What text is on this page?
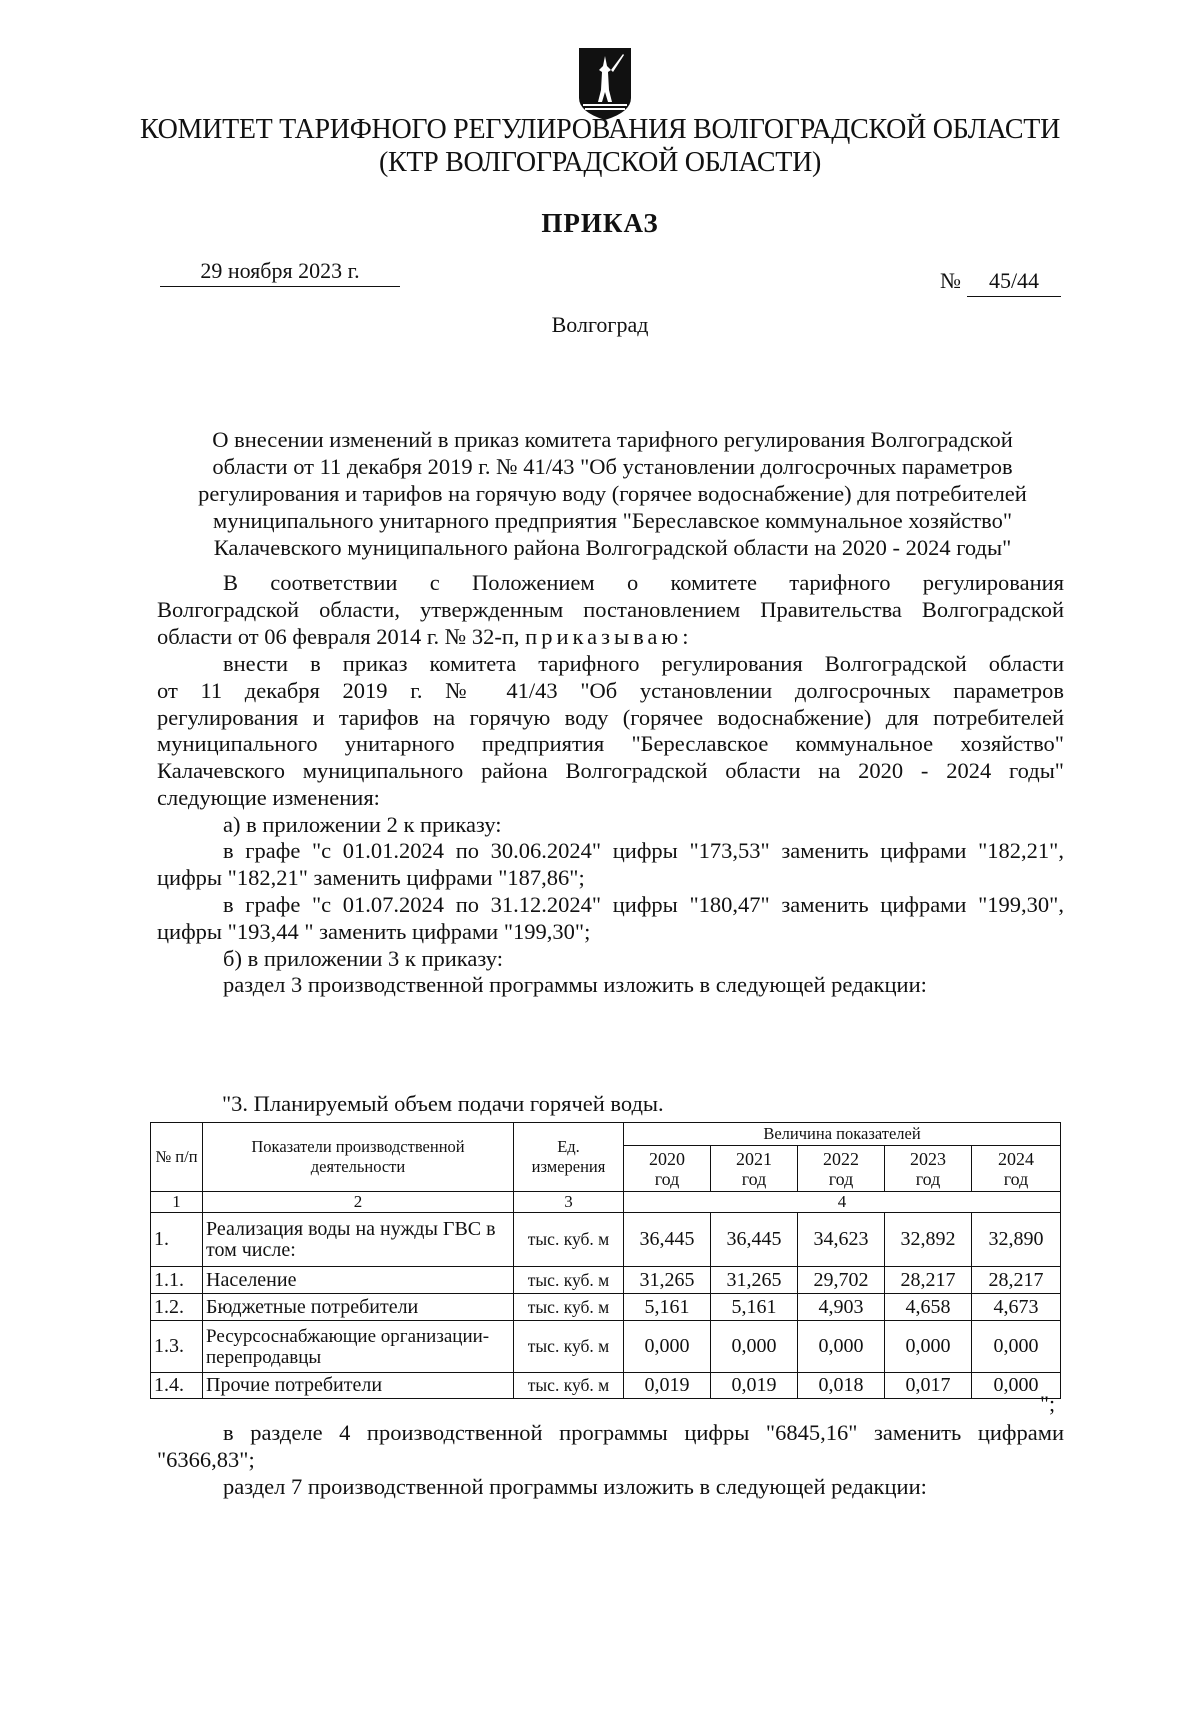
КОМИТЕТ ТАРИФНОГО РЕГУЛИРОВАНИЯ ВОЛГОГРАДСКОЙ ОБЛАСТИ
(КТР ВОЛГОГРАДСКОЙ ОБЛАСТИ)
ПРИКАЗ
29 ноября 2023 г.	№ 45/44
Волгоград
О внесении изменений в приказ комитета тарифного регулирования Волгоградской
области от 11 декабря 2019 г. № 41/43 "Об установлении долгосрочных параметров
регулирования и тарифов на горячую воду (горячее водоснабжение) для потребителей
муниципального унитарного предприятия "Береславское коммунальное хозяйство"
Калачевского муниципального района Волгоградской области на 2020 - 2024 годы"
В соответствии с Положением о комитете тарифного регулирования
Волгоградской области, утвержденным постановлением Правительства Волгоградской
области от 06 февраля 2014 г. № 32-п, приказываю:
внести в приказ комитета тарифного регулирования Волгоградской области
от 11 декабря 2019 г. № 41/43 "Об установлении долгосрочных параметров
регулирования и тарифов на горячую воду (горячее водоснабжение) для потребителей
муниципального унитарного предприятия "Береславское коммунальное хозяйство"
Калачевского муниципального района Волгоградской области на 2020 - 2024 годы"
следующие изменения:
а) в приложении 2 к приказу:
в графе "с 01.01.2024 по 30.06.2024" цифры "173,53" заменить цифрами "182,21",
цифры "182,21" заменить цифрами "187,86";
в графе "с 01.07.2024 по 31.12.2024" цифры "180,47" заменить цифрами "199,30",
цифры "193,44 " заменить цифрами "199,30";
б) в приложении 3 к приказу:
раздел 3 производственной программы изложить в следующей редакции:
"3. Планируемый объем подачи горячей воды.
№ п/п	Показатели производственной деятельности	Ед. измерения	Величина показателей				
			2020 год	2021 год	2022 год	2023 год	2024 год
1	2	3	4				
1.	Реализация воды на нужды ГВС в том числе:	тыс. куб. м	36,445	36,445	34,623	32,892	32,890
1.1.	Население	тыс. куб. м	31,265	31,265	29,702	28,217	28,217
1.2.	Бюджетные потребители	тыс. куб. м	5,161	5,161	4,903	4,658	4,673
1.3.	Ресурсоснабжающие организации-перепродавцы	тыс. куб. м	0,000	0,000	0,000	0,000	0,000
1.4.	Прочие потребители	тыс. куб. м	0,019	0,019	0,018	0,017	0,000
";
в разделе 4 производственной программы цифры "6845,16" заменить цифрами
"6366,83";
раздел 7 производственной программы изложить в следующей редакции:
